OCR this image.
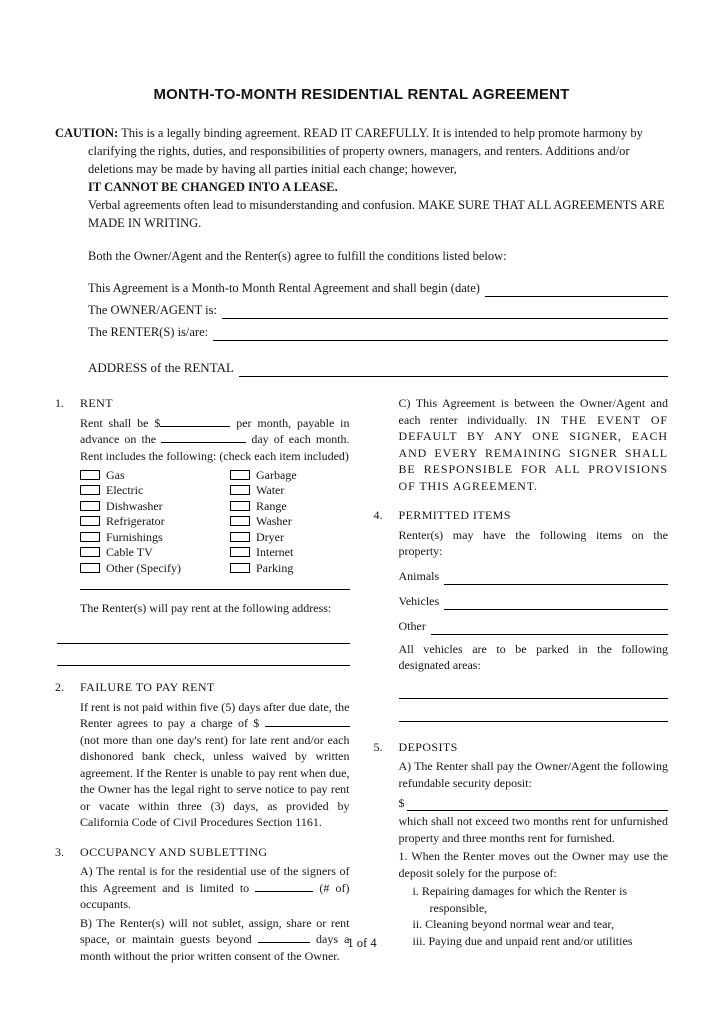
MONTH-TO-MONTH RESIDENTIAL RENTAL AGREEMENT
CAUTION: This is a legally binding agreement. READ IT CAREFULLY. It is intended to help promote harmony by clarifying the rights, duties, and responsibilities of property owners, managers, and renters. Additions and/or deletions may be made by having all parties initial each change; however,
IT CANNOT BE CHANGED INTO A LEASE.
Verbal agreements often lead to misunderstanding and confusion. MAKE SURE THAT ALL AGREEMENTS ARE MADE IN WRITING.
Both the Owner/Agent and the Renter(s) agree to fulfill the conditions listed below:
This Agreement is a Month-to Month Rental Agreement and shall begin (date)
The OWNER/AGENT is:
The RENTER(S) is/are:
ADDRESS of the RENTAL
1.	RENT

Rent shall be $	per month, payable in advance on the	day of each month. Rent includes the following: (check each item included)

Gas	Garbage
Electric	Water
Dishwasher	Range
Refrigerator	Washer
Furnishings	Dryer
Cable TV	Internet
Other (Specify)	Parking
The Renter(s) will pay rent at the following address:
2.	FAILURE TO PAY RENT

If rent is not paid within five (5) days after due date, the Renter agrees to pay a charge of $  (not more than one day's rent) for late rent and/or each dishonored bank check, unless waived by written agreement. If the Renter is unable to pay rent when due, the Owner has the legal right to serve notice to pay rent or vacate within three (3) days, as provided by California Code of Civil Procedures Section 1161.

3.	OCCUPANCY AND SUBLETTING

A) The rental is for the residential use of the signers of this Agreement and is limited to	(# of) occupants.

B) The Renter(s) will not sublet, assign, share or rent space, or maintain guests beyond	days a month without the prior written consent of the Owner.

C) This Agreement is between the Owner/Agent and each renter individually. IN THE EVENT OF DEFAULT BY ANY ONE SIGNER, EACH AND EVERY REMAINING SIGNER SHALL BE RESPONSIBLE FOR ALL PROVISIONS OF THIS AGREEMENT.

4.	PERMITTED ITEMS

Renter(s) may have the following items on the property:

Animals
Vehicles
Other

All vehicles are to be parked in the following designated areas:

5.	DEPOSITS

A) The Renter shall pay the Owner/Agent the following refundable security deposit:

$

which shall not exceed two months rent for unfurnished property and three months rent for furnished.

1. When the Renter moves out the Owner may use the deposit solely for the purpose of:

i. Repairing damages for which the Renter is responsible,
ii. Cleaning beyond normal wear and tear,
iii. Paying due and unpaid rent and/or utilities
1 of 4
